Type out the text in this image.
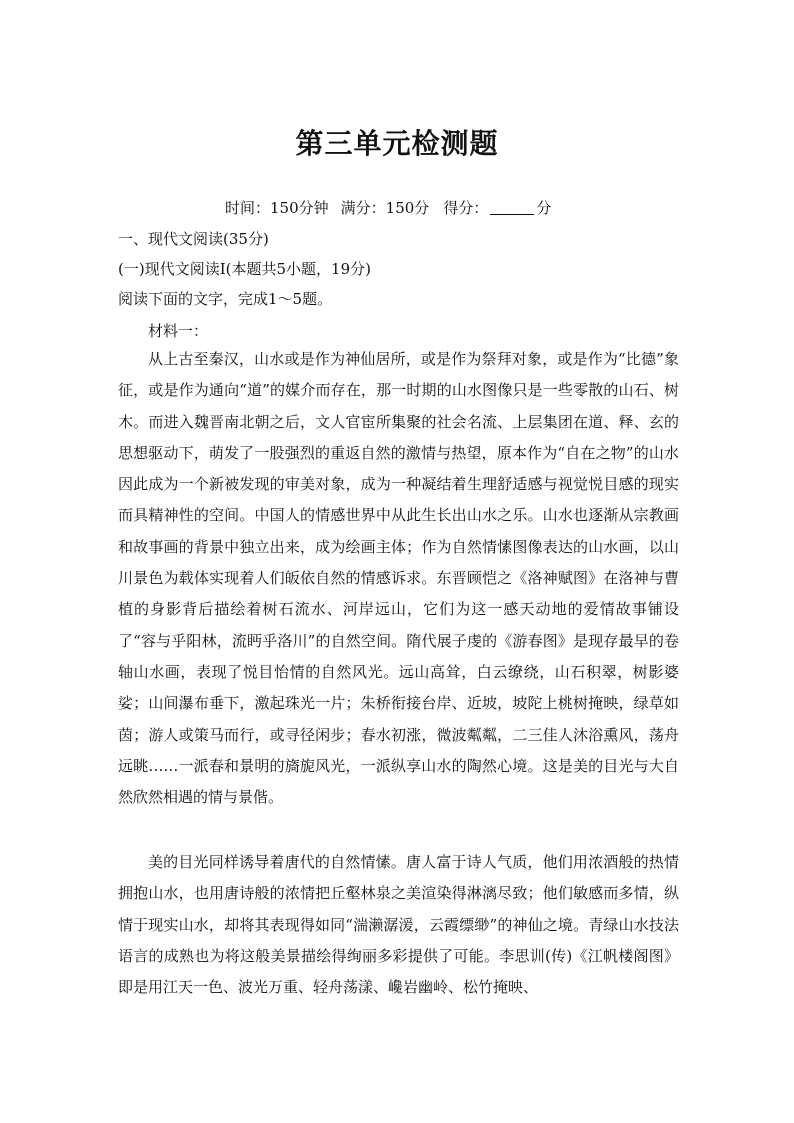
第三单元检测题
时间：150分钟 满分：150分 得分：	分
一、现代文阅读(35分)
(一)现代文阅读Ⅰ(本题共5小题，19分)
阅读下面的文字，完成1～5题。
材料一：

从上古至秦汉，山水或是作为神仙居所，或是作为祭拜对象，或是作为“比德”象征，或是作为通向“道”的媒介而存在，那一时期的山水图像只是一些零散的山石、树木。而进入魏晋南北朝之后，文人官宦所集聚的社会名流、上层集团在道、释、玄的思想驱动下，萌发了一股强烈的重返自然的激情与热望，原本作为“自在之物”的山水因此成为一个新被发现的审美对象，成为一种凝结着生理舒适感与视觉悦目感的现实而具精神性的空间。中国人的情感世界中从此生长出山水之乐。山水也逐渐从宗教画和故事画的背景中独立出来，成为绘画主体；作为自然情愫图像表达的山水画，以山川景色为载体实现着人们皈依自然的情感诉求。东晋顾恺之《洛神赋图》在洛神与曹植的身影背后描绘着树石流水、河岸远山，它们为这一感天动地的爱情故事铺设了“容与乎阳林，流眄乎洛川”的自然空间。隋代展子虔的《游春图》是现存最早的卷轴山水画，表现了悦目怡情的自然风光。远山高耸，白云缭绕，山石积翠，树影婆娑；山间瀑布垂下，激起珠光一片；朱桥衔接台岸、近坡，坡陀上桃树掩映，绿草如茵；游人或策马而行，或寻径闲步；春水初涨，微波粼粼，二三佳人沐浴熏风，荡舟远眺……一派春和景明的旖旎风光，一派纵享山水的陶然心境。这是美的目光与大自然欣然相遇的情与景偕。

美的目光同样诱导着唐代的自然情愫。唐人富于诗人气质，他们用浓酒般的热情拥抱山水，也用唐诗般的浓情把丘壑林泉之美渲染得淋漓尽致；他们敏感而多情，纵情于现实山水，却将其表现得如同“湍濑潺湲，云霞缥缈”的神仙之境。青绿山水技法语言的成熟也为将这般美景描绘得绚丽多彩提供了可能。李思训(传)《江帆楼阁图》即是用江天一色、波光万重、轻舟荡漾、巉岩幽岭、松竹掩映、
